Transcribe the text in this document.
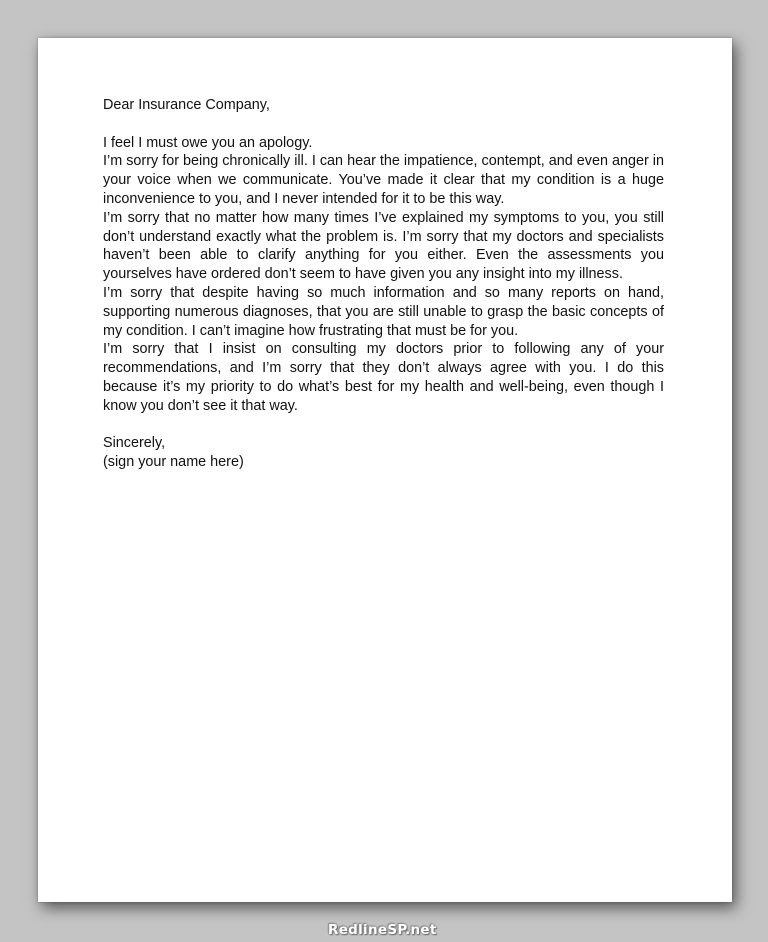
Dear Insurance Company,

I feel I must owe you an apology.

I’m sorry for being chronically ill. I can hear the impatience, contempt, and even anger in your voice when we communicate. You’ve made it clear that my condition is a huge inconvenience to you, and I never intended for it to be this way.

I’m sorry that no matter how many times I’ve explained my symptoms to you, you still don’t understand exactly what the problem is. I’m sorry that my doctors and specialists haven’t been able to clarify anything for you either. Even the assessments you yourselves have ordered don’t seem to have given you any insight into my illness.

I’m sorry that despite having so much information and so many reports on hand, supporting numerous diagnoses, that you are still unable to grasp the basic concepts of my condition. I can’t imagine how frustrating that must be for you.

I’m sorry that I insist on consulting my doctors prior to following any of your recommendations, and I’m sorry that they don’t always agree with you. I do this because it’s my priority to do what’s best for my health and well-being, even though I know you don’t see it that way.

Sincerely,
(sign your name here)
RedlineSP.net
